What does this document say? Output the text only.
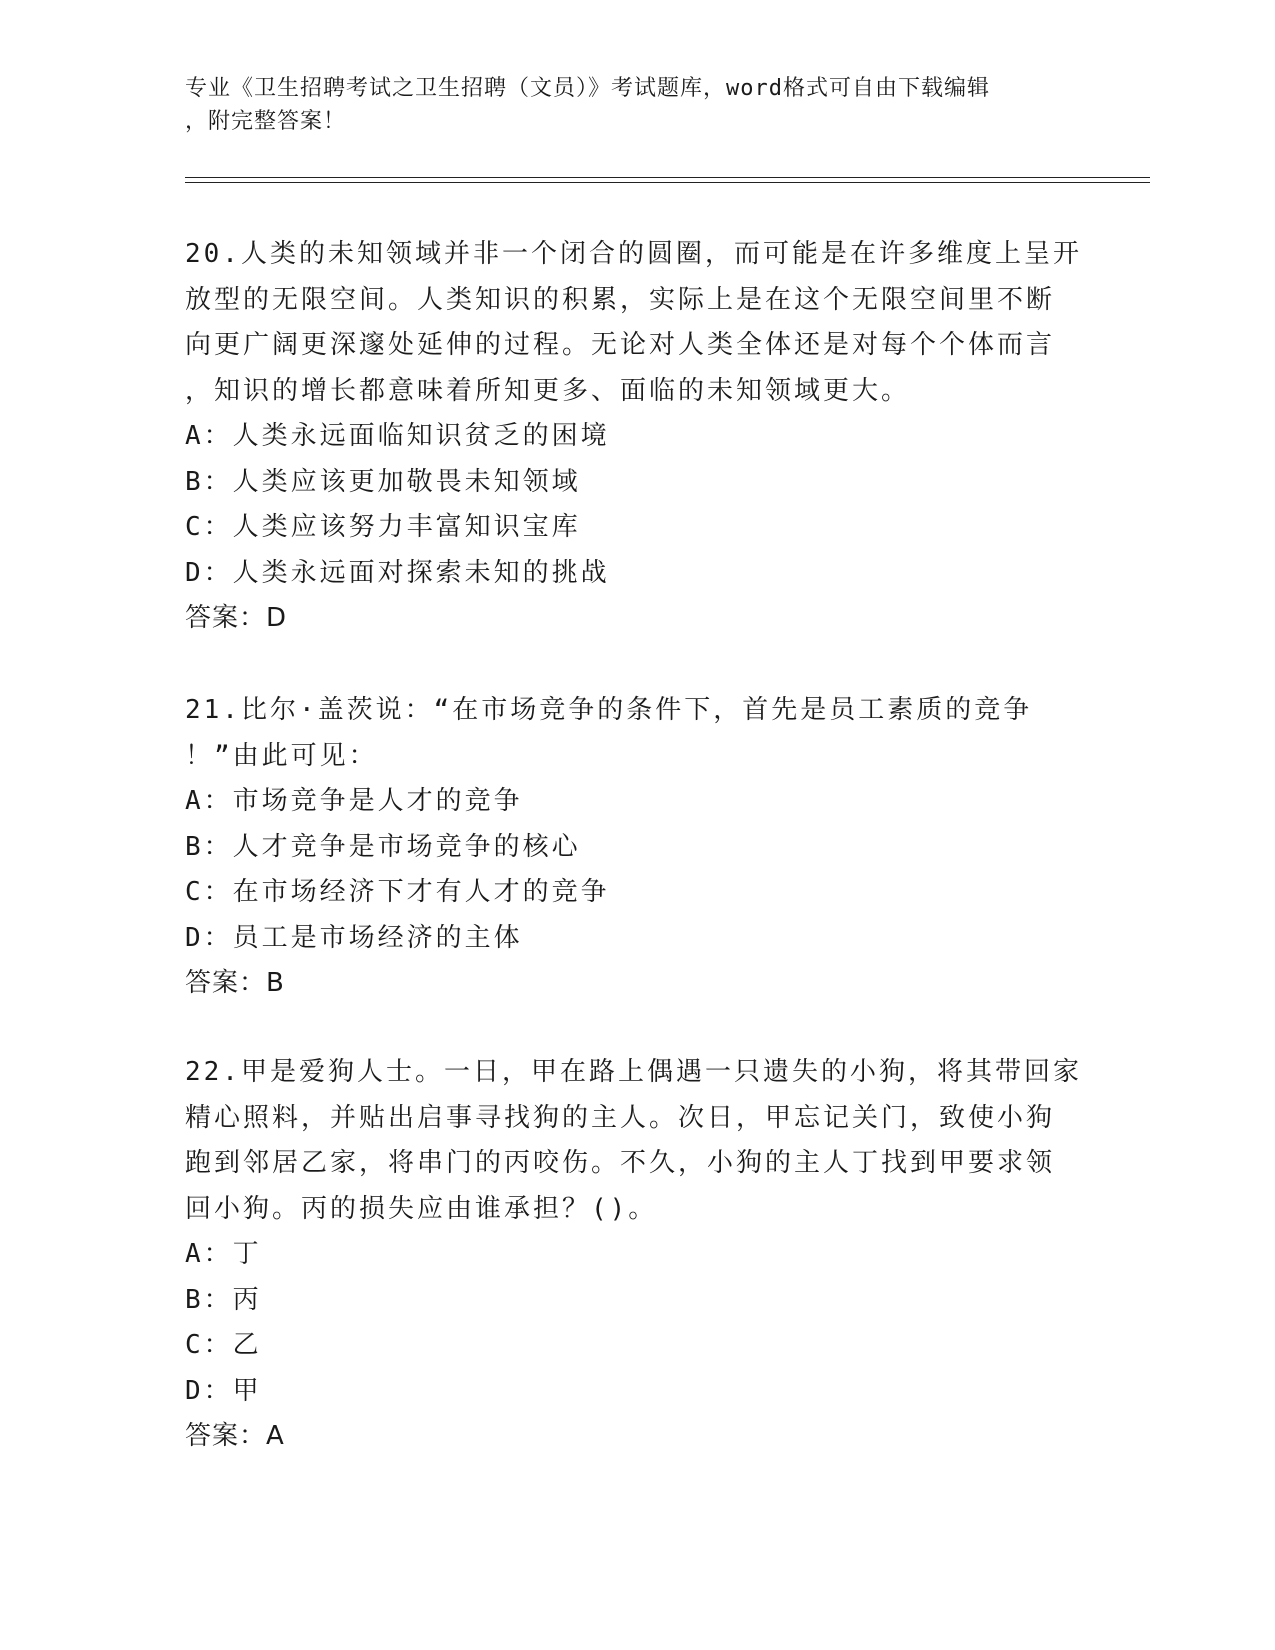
专业《卫生招聘考试之卫生招聘（文员）》考试题库，word格式可自由下载编辑
，附完整答案！

20.人类的未知领域并非一个闭合的圆圈，而可能是在许多维度上呈开
放型的无限空间。人类知识的积累，实际上是在这个无限空间里不断
向更广阔更深邃处延伸的过程。无论对人类全体还是对每个个体而言
，知识的增长都意味着所知更多、面临的未知领域更大。

A：人类永远面临知识贫乏的困境

B：人类应该更加敬畏未知领域

C：人类应该努力丰富知识宝库

D：人类永远面对探索未知的挑战

答案：D

21.比尔·盖茨说：“在市场竞争的条件下，首先是员工素质的竞争
！”由此可见：

A：市场竞争是人才的竞争

B：人才竞争是市场竞争的核心

C：在市场经济下才有人才的竞争

D：员工是市场经济的主体

答案：B

22.甲是爱狗人士。一日，甲在路上偶遇一只遗失的小狗，将其带回家
精心照料，并贴出启事寻找狗的主人。次日，甲忘记关门，致使小狗
跑到邻居乙家，将串门的丙咬伤。不久，小狗的主人丁找到甲要求领
回小狗。丙的损失应由谁承担？()。

A：丁

B：丙

C：乙

D：甲

答案：A
